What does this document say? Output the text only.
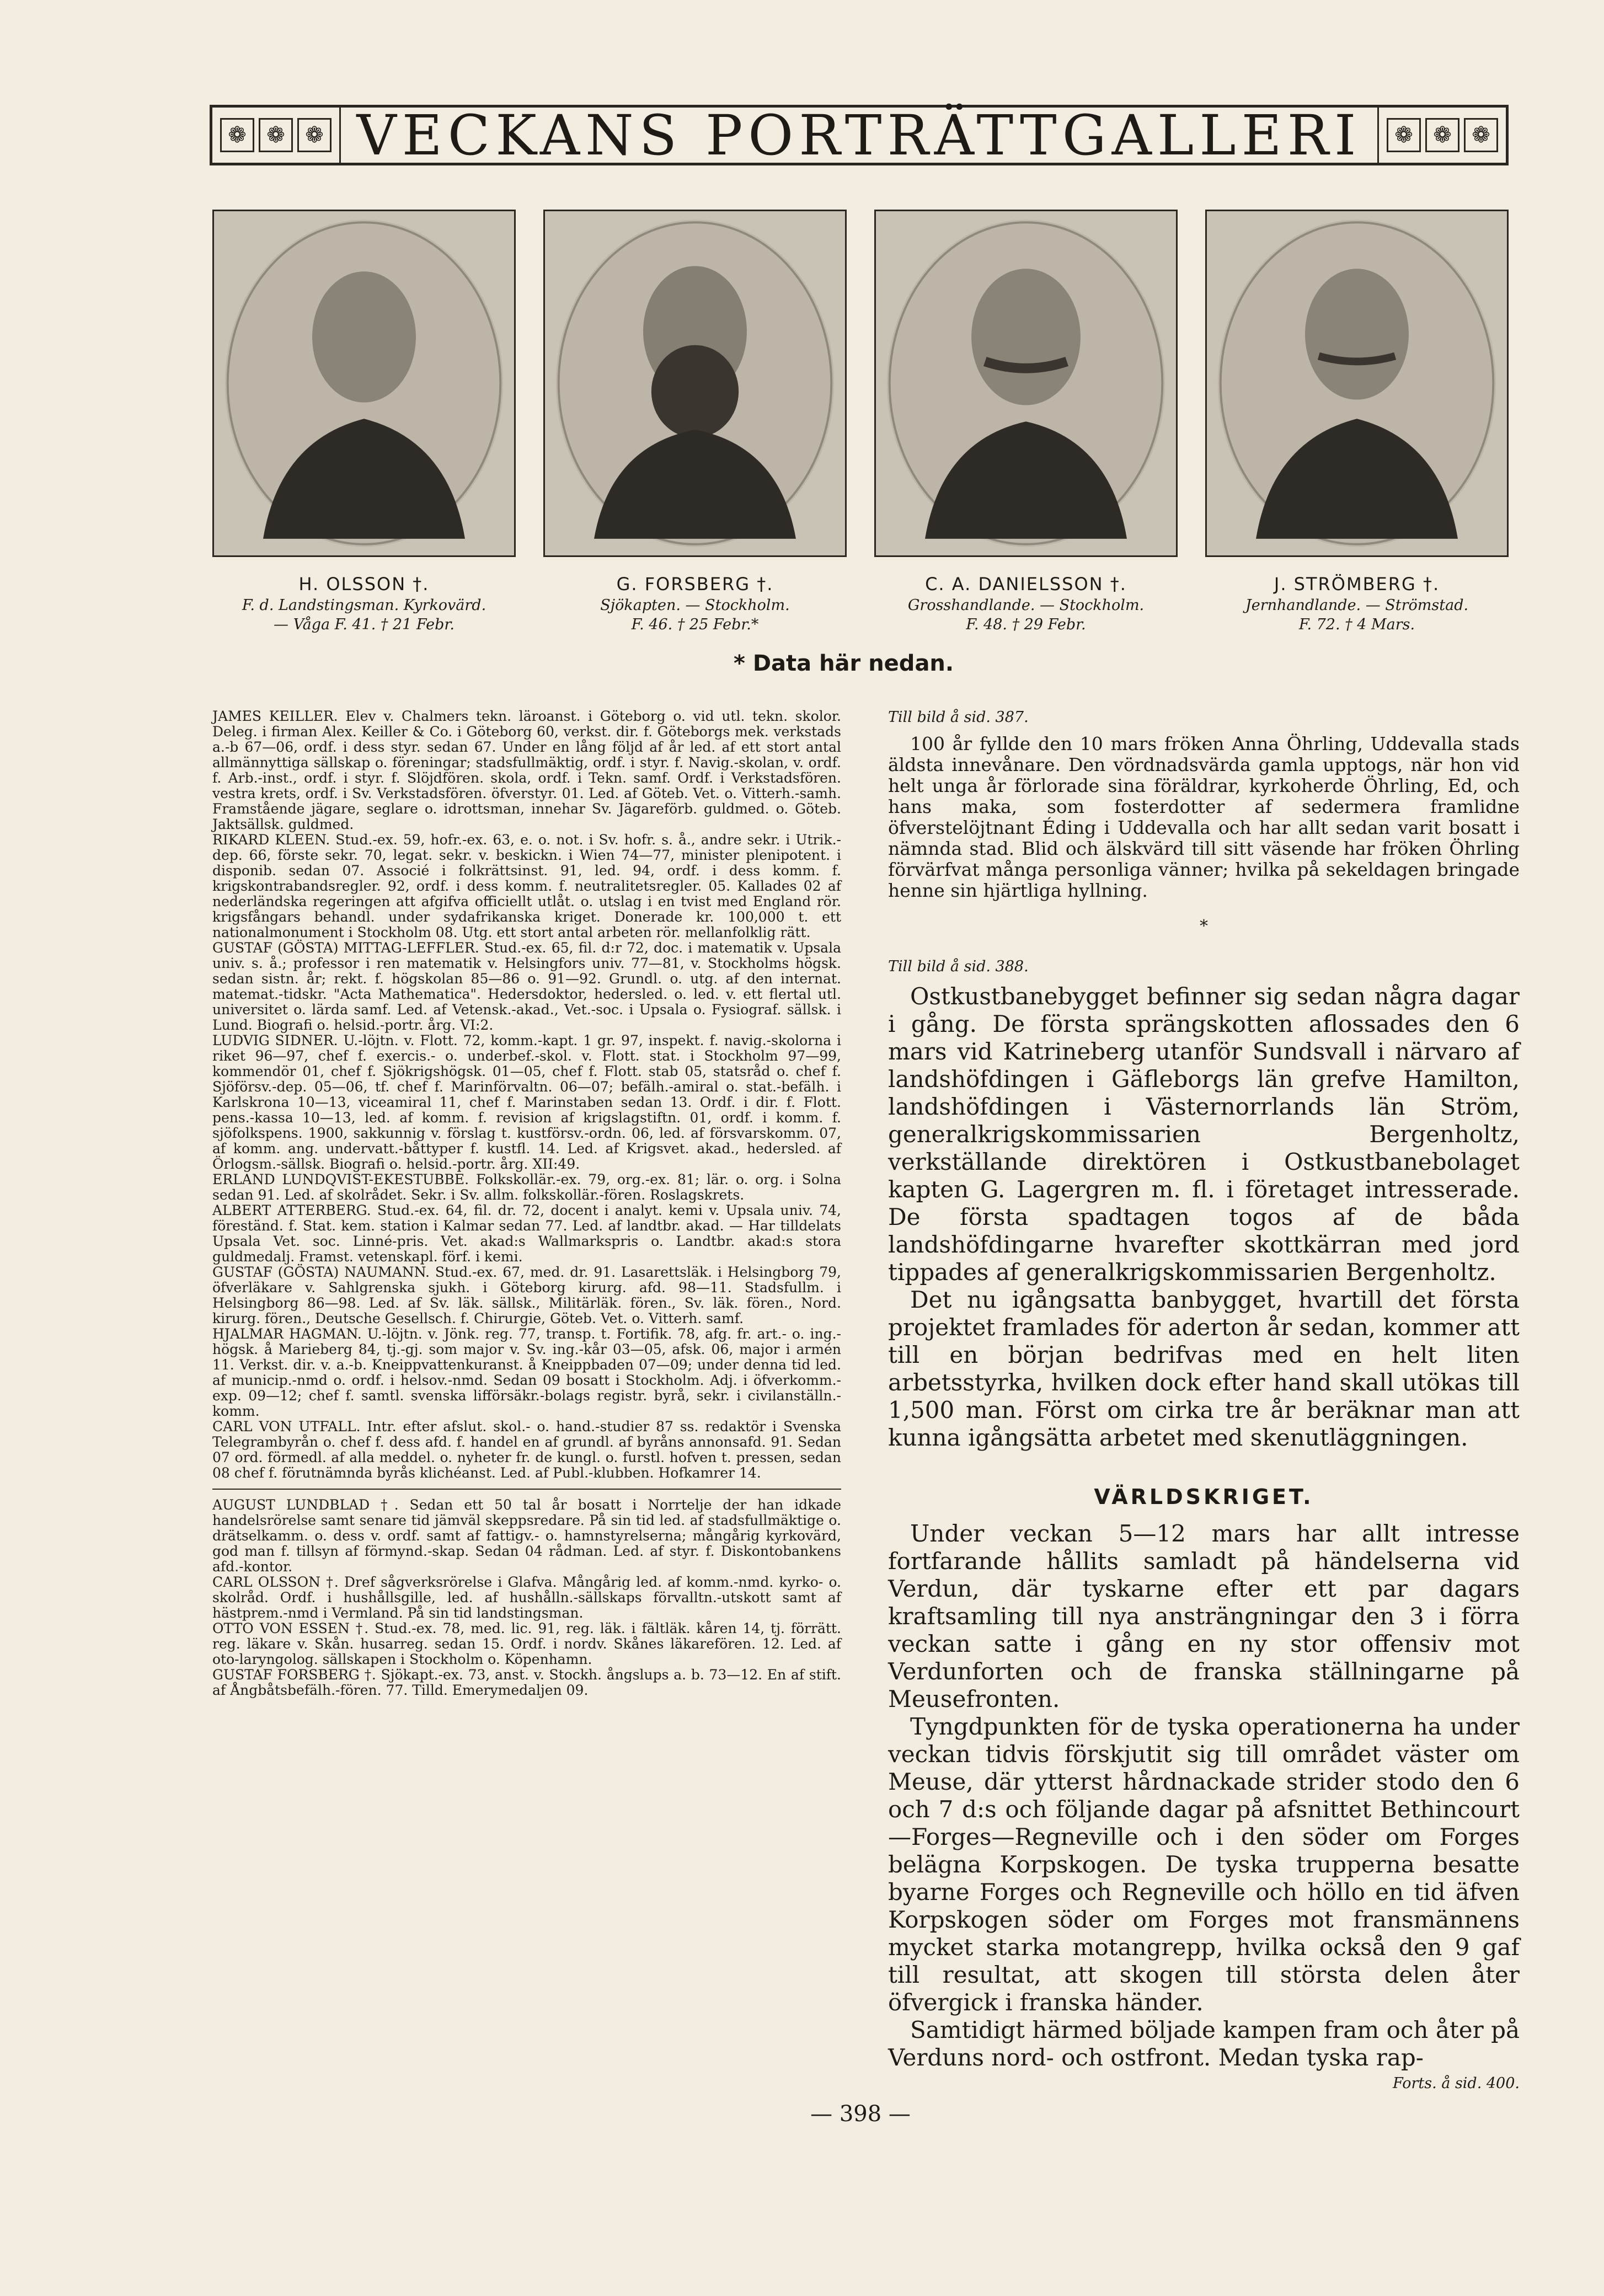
❁ ❁ ❁ VECKANS PORTRÄTTGALLERI	❁ ❁ ❁
H. OLSSON †.
F. d. Landstingsman. Kyrkovärd.
— Våga F. 41. † 21 Febr.
G. FORSBERG †.
Sjökapten. — Stockholm.
F. 46. † 25 Febr.*
C. A. DANIELSSON †.
Grosshandlande. — Stockholm.
F. 48. † 29 Febr.
J. STRÖMBERG †.
Jernhandlande. — Strömstad.
F. 72. † 4 Mars.
* Data här nedan.

JAMES KEILLER. Elev v. Chalmers tekn. läroanst. i Göteborg o. vid utl. tekn. skolor. Deleg. i firman Alex. Keiller & Co. i Göteborg 60, verkst. dir. f. Göteborgs mek. verkstads a.-b 67—06, ordf. i dess styr. sedan 67. Under en lång följd af år led. af ett stort antal allmännyttiga sällskap o. föreningar; stadsfullmäktig, ordf. i styr. f. Navig.-skolan, v. ordf. f. Arb.-inst., ordf. i styr. f. Slöjdfören. skola, ordf. i Tekn. samf. Ordf. i Verkstadsfören. vestra krets, ordf. i Sv. Verkstadsfören. öfverstyr. 01. Led. af Göteb. Vet. o. Vitterh.-samh. Framstående jägare, seglare o. idrottsman, innehar Sv. Jägareförb. guldmed. o. Göteb. Jaktsällsk. guldmed.

RIKARD KLEEN. Stud.-ex. 59, hofr.-ex. 63, e. o. not. i Sv. hofr. s. å., andre sekr. i Utrik.-dep. 66, förste sekr. 70, legat. sekr. v. beskickn. i Wien 74—77, minister plenipotent. i disponib. sedan 07. Associé i folkrättsinst. 91, led. 94, ordf. i dess komm. f. krigskontrabandsregler. 92, ordf. i dess komm. f. neutralitetsregler. 05. Kallades 02 af nederländska regeringen att afgifva officiellt utlåt. o. utslag i en tvist med England rör. krigsfångars behandl. under sydafrikanska kriget. Donerade kr. 100,000 t. ett nationalmonument i Stockholm 08. Utg. ett stort antal arbeten rör. mellanfolklig rätt.

GUSTAF (GÖSTA) MITTAG-LEFFLER. Stud.-ex. 65, fil. d:r 72, doc. i matematik v. Upsala univ. s. å.; professor i ren matematik v. Helsingfors univ. 77—81, v. Stockholms högsk. sedan sistn. år; rekt. f. högskolan 85—86 o. 91—92. Grundl. o. utg. af den internat. matemat.-tidskr. "Acta Mathematica". Hedersdoktor, hedersled. o. led. v. ett flertal utl. universitet o. lärda samf. Led. af Vetensk.-akad., Vet.-soc. i Upsala o. Fysiograf. sällsk. i Lund. Biografi o. helsid.-portr. årg. VI:2.

LUDVIG SIDNER. U.-löjtn. v. Flott. 72, komm.-kapt. 1 gr. 97, inspekt. f. navig.-skolorna i riket 96—97, chef f. exercis.- o. underbef.-skol. v. Flott. stat. i Stockholm 97—99, kommendör 01, chef f. Sjökrigshögsk. 01—05, chef f. Flott. stab 05, statsråd o. chef f. Sjöförsv.-dep. 05—06, tf. chef f. Marinförvaltn. 06—07; befälh.-amiral o. stat.-befälh. i Karlskrona 10—13, viceamiral 11, chef f. Marinstaben sedan 13. Ordf. i dir. f. Flott. pens.-kassa 10—13, led. af komm. f. revision af krigslagstiftn. 01, ordf. i komm. f. sjöfolkspens. 1900, sakkunnig v. förslag t. kustförsv.-ordn. 06, led. af försvarskomm. 07, af komm. ang. undervatt.-båttyper f. kustfl. 14. Led. af Krigsvet. akad., hedersled. af Örlogsm.-sällsk. Biografi o. helsid.-portr. årg. XII:49.

ERLAND LUNDQVIST-EKESTUBBE. Folkskollär.-ex. 79, org.-ex. 81; lär. o. org. i Solna sedan 91. Led. af skolrådet. Sekr. i Sv. allm. folkskollär.-fören. Roslagskrets.

ALBERT ATTERBERG. Stud.-ex. 64, fil. dr. 72, docent i analyt. kemi v. Upsala univ. 74, föreständ. f. Stat. kem. station i Kalmar sedan 77. Led. af landtbr. akad. — Har tilldelats Upsala Vet. soc. Linné-pris. Vet. akad:s Wallmarkspris o. Landtbr. akad:s stora guldmedalj. Framst. vetenskapl. förf. i kemi.

GUSTAF (GÖSTA) NAUMANN. Stud.-ex. 67, med. dr. 91. Lasarettsläk. i Helsingborg 79, öfverläkare v. Sahlgrenska sjukh. i Göteborg kirurg. afd. 98—11. Stadsfullm. i Helsingborg 86—98. Led. af Sv. läk. sällsk., Militärläk. fören., Sv. läk. fören., Nord. kirurg. fören., Deutsche Gesellsch. f. Chirurgie, Göteb. Vet. o. Vitterh. samf.

HJALMAR HAGMAN. U.-löjtn. v. Jönk. reg. 77, transp. t. Fortifik. 78, afg. fr. art.- o. ing.-högsk. å Marieberg 84, tj.-gj. som major v. Sv. ing.-kår 03—05, afsk. 06, major i armén 11. Verkst. dir. v. a.-b. Kneippvattenkuranst. å Kneippbaden 07—09; under denna tid led. af municip.-nmd o. ordf. i helsov.-nmd. Sedan 09 bosatt i Stockholm. Adj. i öfverkomm.-exp. 09—12; chef f. samtl. svenska lifförsäkr.-bolags registr. byrå, sekr. i civilanställn.-komm.

CARL VON UTFALL. Intr. efter afslut. skol.- o. hand.-studier 87 ss. redaktör i Svenska Telegrambyrån o. chef f. dess afd. f. handel en af grundl. af byråns annonsafd. 91. Sedan 07 ord. förmedl. af alla meddel. o. nyheter fr. de kungl. o. furstl. hofven t. pressen, sedan 08 chef f. förutnämnda byrås klichéanst. Led. af Publ.-klubben. Hofkamrer 14.

AUGUST LUNDBLAD †. Sedan ett 50 tal år bosatt i Norrtelje der han idkade handelsrörelse samt senare tid jämväl skeppsredare. På sin tid led. af stadsfullmäktige o. drätselkamm. o. dess v. ordf. samt af fattigv.- o. hamnstyrelserna; mångårig kyrkovärd, god man f. tillsyn af förmynd.-skap. Sedan 04 rådman. Led. af styr. f. Diskontobankens afd.-kontor.

CARL OLSSON †. Dref sågverksrörelse i Glafva. Mångårig led. af komm.-nmd. kyrko- o. skolråd. Ordf. i hushållsgille, led. af hushålln.-sällskaps förvalltn.-utskott samt af hästprem.-nmd i Vermland. På sin tid landstingsman.

OTTO VON ESSEN †. Stud.-ex. 78, med. lic. 91, reg. läk. i fältläk. kåren 14, tj. förrätt. reg. läkare v. Skån. husarreg. sedan 15. Ordf. i nordv. Skånes läkarefören. 12. Led. af oto-laryngolog. sällskapen i Stockholm o. Köpenhamn.

GUSTAF FORSBERG †. Sjökapt.-ex. 73, anst. v. Stockh. ångslups a. b. 73—12. En af stift. af Ångbåtsbefälh.-fören. 77. Tilld. Emerymedaljen 09.

Till bild å sid. 387.

100 år fyllde den 10 mars fröken Anna Öhrling, Uddevalla stads äldsta innevånare. Den vördnadsvärda gamla upptogs, när hon vid helt unga år förlorade sina föräldrar, kyrkoherde Öhrling, Ed, och hans maka, som fosterdotter af sedermera framlidne öfverstelöjtnant Éding i Uddevalla och har allt sedan varit bosatt i nämnda stad. Blid och älskvärd till sitt väsende har fröken Öhrling förvärfvat många personliga vänner; hvilka på sekeldagen bringade henne sin hjärtliga hyllning.

*

Till bild å sid. 388.

Ostkustbanebygget befinner sig sedan några dagar i gång. De första sprängskotten aflossades den 6 mars vid Katrineberg utanför Sundsvall i närvaro af landshöfdingen i Gäfleborgs län grefve Hamilton, landshöfdingen i Västernorrlands län Ström, generalkrigskommissarien Bergenholtz, verkställande direktören i Ostkustbanebolaget kapten G. Lagergren m. fl. i företaget intresserade. De första spadtagen togos af de båda landshöfdingarne hvarefter skottkärran med jord tippades af generalkrigskommissarien Bergenholtz.

Det nu igångsatta banbygget, hvartill det första projektet framlades för aderton år sedan, kommer att till en början bedrifvas med en helt liten arbetsstyrka, hvilken dock efter hand skall utökas till 1,500 man. Först om cirka tre år beräknar man att kunna igångsätta arbetet med skenutläggningen.

VÄRLDSKRIGET.

Under veckan 5—12 mars har allt intresse fortfarande hållits samladt på händelserna vid Verdun, där tyskarne efter ett par dagars kraftsamling till nya ansträngningar den 3 i förra veckan satte i gång en ny stor offensiv mot Verdunforten och de franska ställningarne på Meusefronten.

Tyngdpunkten för de tyska operationerna ha under veckan tidvis förskjutit sig till området väster om Meuse, där ytterst hårdnackade strider stodo den 6 och 7 d:s och följande dagar på afsnittet Bethincourt—Forges—Regneville och i den söder om Forges belägna Korpskogen. De tyska trupperna besatte byarne Forges och Regneville och höllo en tid äfven Korpskogen söder om Forges mot fransmännens mycket starka motangrepp, hvilka också den 9 gaf till resultat, att skogen till största delen åter öfvergick i franska händer.

Samtidigt härmed böljade kampen fram och åter på Verduns nord- och ostfront. Medan tyska rap-

Forts. å sid. 400.
— 398 —
